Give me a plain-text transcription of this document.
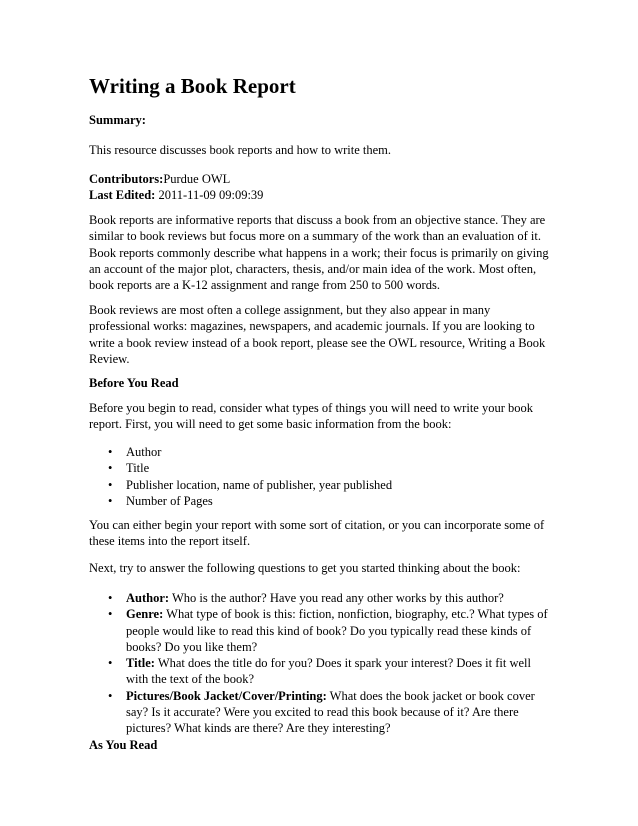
Writing a Book Report

Summary:

This resource discusses book reports and how to write them.

Contributors:Purdue OWL
Last Edited: 2011-11-09 09:09:39

Book reports are informative reports that discuss a book from an objective stance. They are similar to book reviews but focus more on a summary of the work than an evaluation of it. Book reports commonly describe what happens in a work; their focus is primarily on giving an account of the major plot, characters, thesis, and/or main idea of the work. Most often, book reports are a K-12 assignment and range from 250 to 500 words.

Book reviews are most often a college assignment, but they also appear in many professional works: magazines, newspapers, and academic journals. If you are looking to write a book review instead of a book report, please see the OWL resource, Writing a Book Review.

Before You Read

Before you begin to read, consider what types of things you will need to write your book report. First, you will need to get some basic information from the book:

• Author
• Title
• Publisher location, name of publisher, year published
• Number of Pages

You can either begin your report with some sort of citation, or you can incorporate some of these items into the report itself.

Next, try to answer the following questions to get you started thinking about the book:

• Author: Who is the author? Have you read any other works by this author?
• Genre: What type of book is this: fiction, nonfiction, biography, etc.? What types of people would like to read this kind of book? Do you typically read these kinds of books? Do you like them?
• Title: What does the title do for you? Does it spark your interest? Does it fit well with the text of the book?
• Pictures/Book Jacket/Cover/Printing: What does the book jacket or book cover say? Is it accurate? Were you excited to read this book because of it? Are there pictures? What kinds are there? Are they interesting?

As You Read
